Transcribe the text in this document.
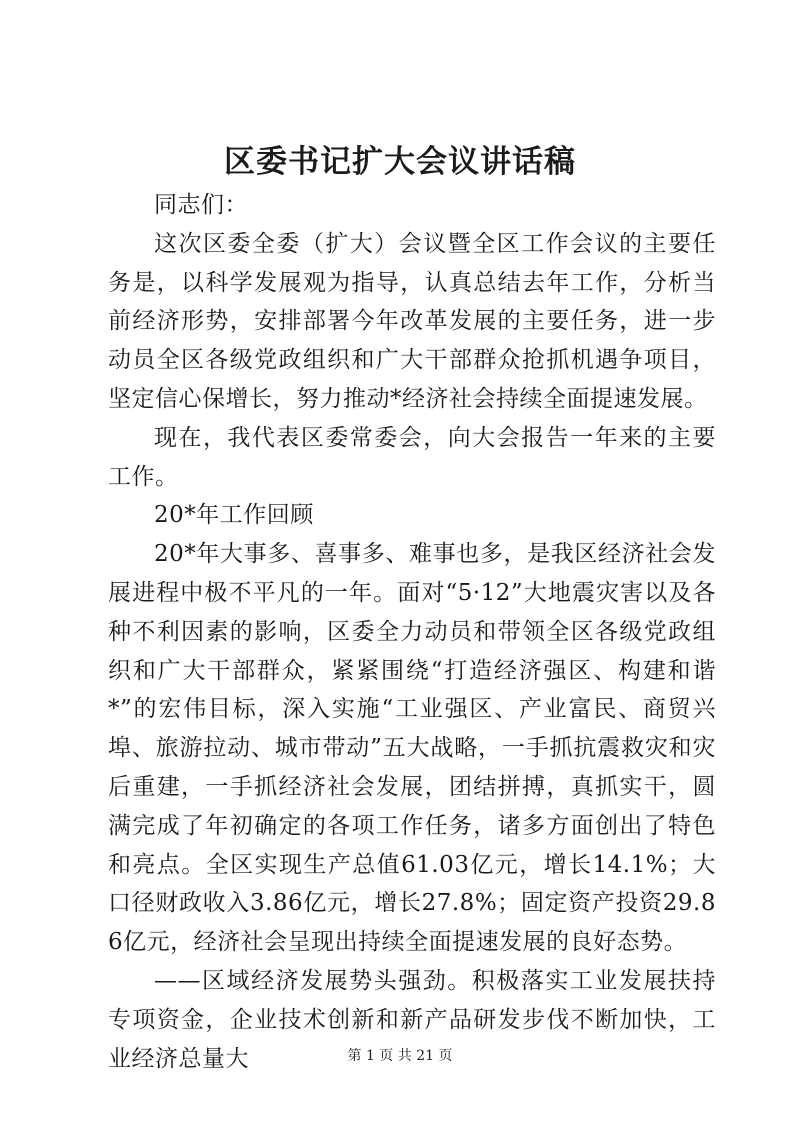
区委书记扩大会议讲话稿

同志们：

这次区委全委（扩大）会议暨全区工作会议的主要任务是，以科学发展观为指导，认真总结去年工作，分析当前经济形势，安排部署今年改革发展的主要任务，进一步动员全区各级党政组织和广大干部群众抢抓机遇争项目，坚定信心保增长，努力推动*经济社会持续全面提速发展。

现在，我代表区委常委会，向大会报告一年来的主要工作。

20*年工作回顾

20*年大事多、喜事多、难事也多，是我区经济社会发展进程中极不平凡的一年。面对“5·12”大地震灾害以及各种不利因素的影响，区委全力动员和带领全区各级党政组织和广大干部群众，紧紧围绕“打造经济强区、构建和谐*”的宏伟目标，深入实施“工业强区、产业富民、商贸兴埠、旅游拉动、城市带动”五大战略，一手抓抗震救灾和灾后重建，一手抓经济社会发展，团结拼搏，真抓实干，圆满完成了年初确定的各项工作任务，诸多方面创出了特色和亮点。全区实现生产总值61.03亿元，增长14.1%；大口径财政收入3.86亿元，增长27.8%；固定资产投资29.86亿元，经济社会呈现出持续全面提速发展的良好态势。

——区域经济发展势头强劲。积极落实工业发展扶持专项资金，企业技术创新和新产品研发步伐不断加快，工业经济总量大	第 1 页 共 21 页
